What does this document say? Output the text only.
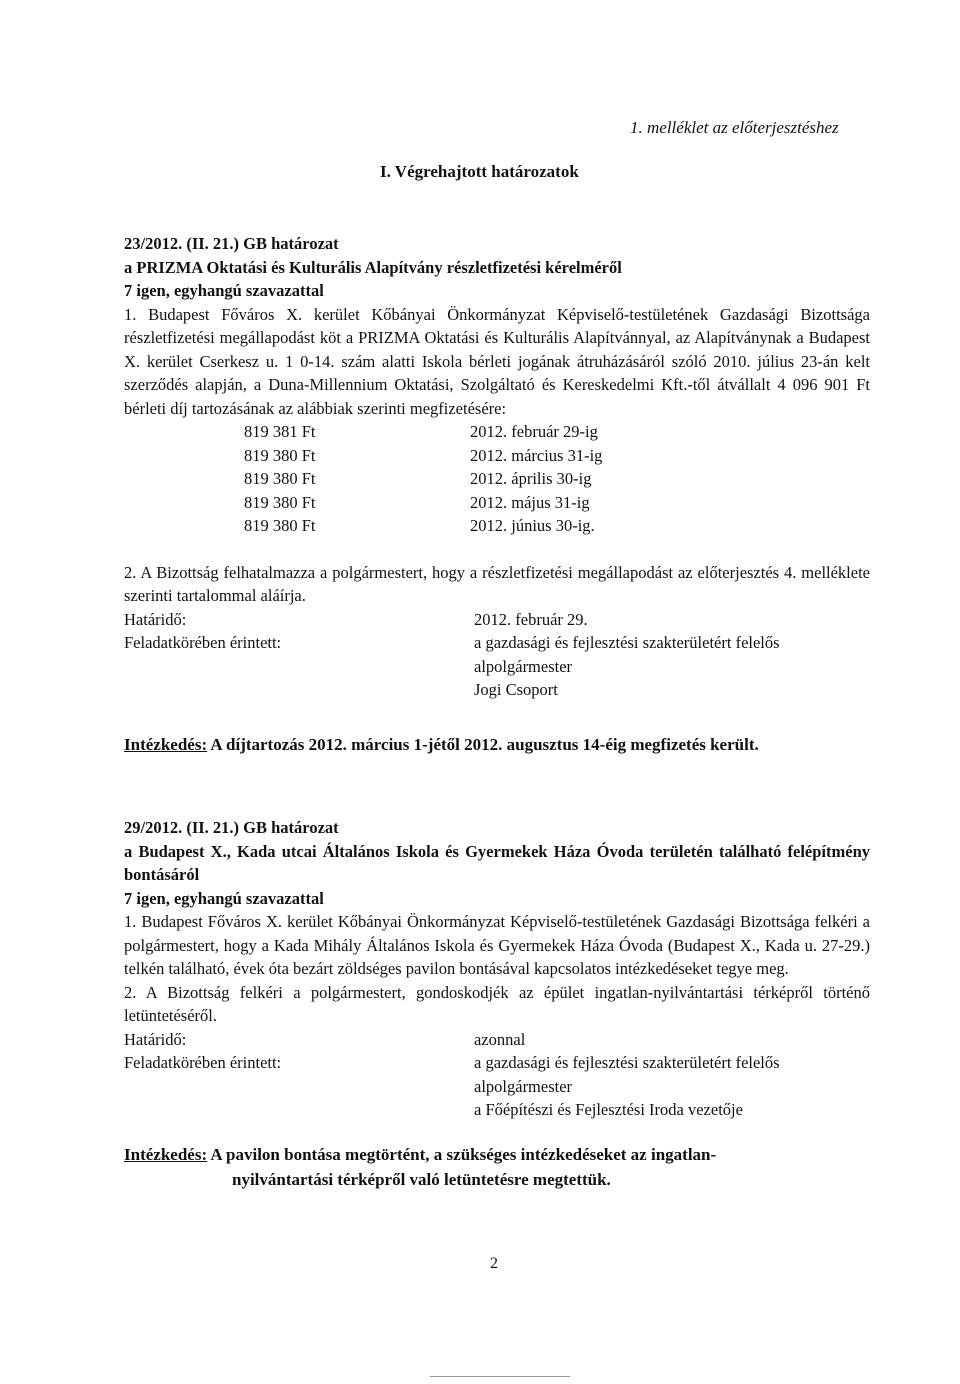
1. melléklet az előterjesztéshez
I. Végrehajtott határozatok
23/2012. (II. 21.) GB határozat
a PRIZMA Oktatási és Kulturális Alapítvány részletfizetési kérelméről
7 igen, egyhangú szavazattal
1. Budapest Főváros X. kerület Kőbányai Önkormányzat Képviselő-testületének Gazdasági Bizottsága részletfizetési megállapodást köt a PRIZMA Oktatási és Kulturális Alapítvánnyal, az Alapítványnak a Budapest X. kerület Cserkesz u. 1 0-14. szám alatti Iskola bérleti jogának átruházásáról szóló 2010. július 23-án kelt szerződés alapján, a Duna-Millennium Oktatási, Szolgáltató és Kereskedelmi Kft.-től átvállalt 4 096 901 Ft bérleti díj tartozásának az alábbiak szerinti megfizetésére:
819 381 Ft	2012. február 29-ig
819 380 Ft	2012. március 31-ig
819 380 Ft	2012. április 30-ig
819 380 Ft	2012. május 31-ig
819 380 Ft	2012. június 30-ig.
2. A Bizottság felhatalmazza a polgármestert, hogy a részletfizetési megállapodást az előterjesztés 4. melléklete szerinti tartalommal aláírja.
Határidő:	2012. február 29.
Feladatkörében érintett:	a gazdasági és fejlesztési szakterületért felelős
alpolgármester
Jogi Csoport
Intézkedés: A díjtartozás 2012. március 1-jétől 2012. augusztus 14-éig megfizetés került.
29/2012. (II. 21.) GB határozat
a Budapest X., Kada utcai Általános Iskola és Gyermekek Háza Óvoda területén található felépítmény bontásáról
7 igen, egyhangú szavazattal
1. Budapest Főváros X. kerület Kőbányai Önkormányzat Képviselő-testületének Gazdasági Bizottsága felkéri a polgármestert, hogy a Kada Mihály Általános Iskola és Gyermekek Háza Óvoda (Budapest X., Kada u. 27-29.) telkén található, évek óta bezárt zöldséges pavilon bontásával kapcsolatos intézkedéseket tegye meg.
2. A Bizottság felkéri a polgármestert, gondoskodjék az épület ingatlan-nyilvántartási térképről történő letüntetéséről.
Határidő:	azonnal
Feladatkörében érintett:	a gazdasági és fejlesztési szakterületért felelős
alpolgármester
a Főépítészi és Fejlesztési Iroda vezetője
Intézkedés: A pavilon bontása megtörtént, a szükséges intézkedéseket az ingatlan-
nyilvántartási térképről való letüntetésre megtettük.
2
